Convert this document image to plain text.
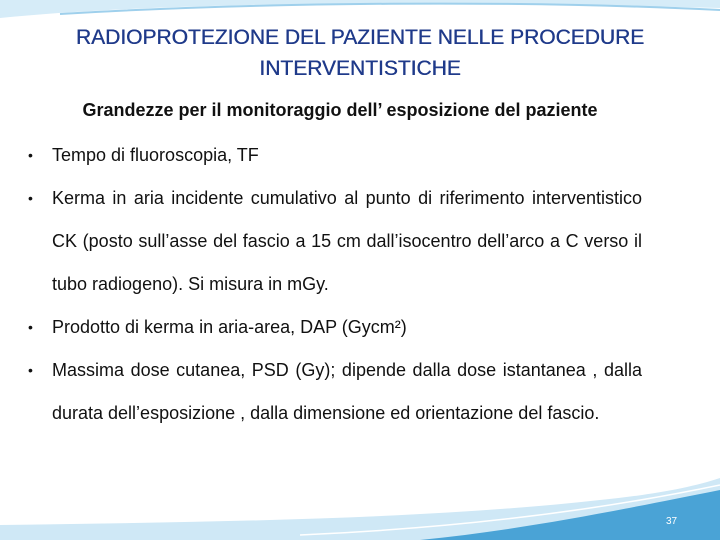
RADIOPROTEZIONE DEL PAZIENTE NELLE PROCEDURE INTERVENTISTICHE
Grandezze per il monitoraggio dell’ esposizione del paziente
• Tempo di fluoroscopia, TF
• Kerma in aria incidente cumulativo al punto di riferimento interventistico CK (posto sull’asse del fascio a 15 cm dall’isocentro dell’arco a C verso il tubo radiogeno). Si misura in mGy.
• Prodotto di kerma in aria-area, DAP (Gycm²)
• Massima dose cutanea, PSD (Gy); dipende dalla dose istantanea , dalla durata dell’esposizione , dalla dimensione ed orientazione del fascio.
37
